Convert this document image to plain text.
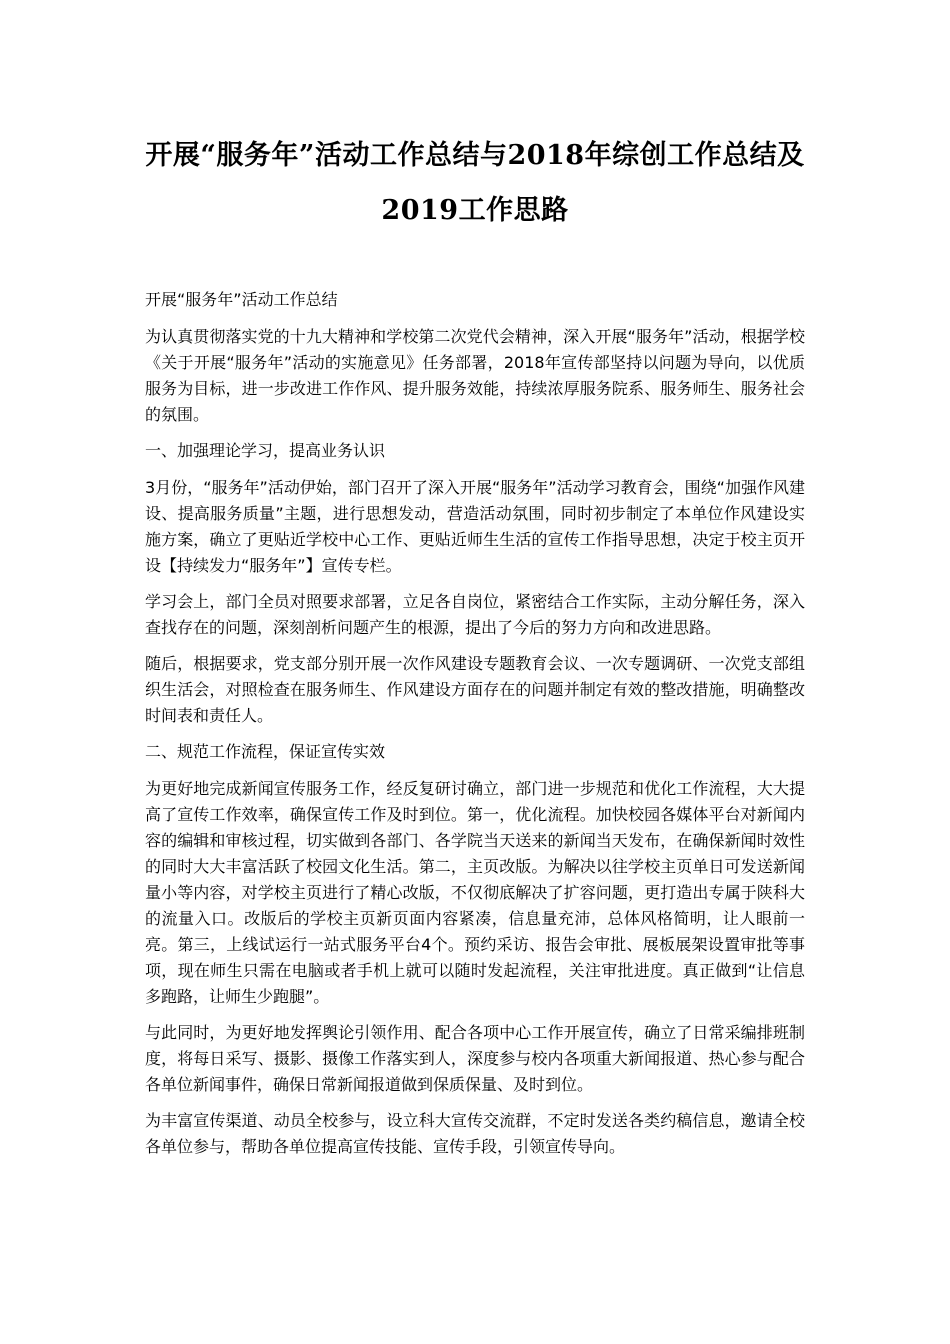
开展“服务年”活动工作总结与2018年综创工作总结及2019工作思路

开展“服务年”活动工作总结

为认真贯彻落实党的十九大精神和学校第二次党代会精神，深入开展“服务年”活动，根据学校《关于开展“服务年”活动的实施意见》任务部署，2018年宣传部坚持以问题为导向，以优质服务为目标，进一步改进工作作风、提升服务效能，持续浓厚服务院系、服务师生、服务社会的氛围。

一、加强理论学习，提高业务认识

3月份，“服务年”活动伊始，部门召开了深入开展“服务年”活动学习教育会，围绕“加强作风建设、提高服务质量”主题，进行思想发动，营造活动氛围，同时初步制定了本单位作风建设实施方案，确立了更贴近学校中心工作、更贴近师生生活的宣传工作指导思想，决定于校主页开设【持续发力“服务年”】宣传专栏。

学习会上，部门全员对照要求部署，立足各自岗位，紧密结合工作实际，主动分解任务，深入查找存在的问题，深刻剖析问题产生的根源，提出了今后的努力方向和改进思路。

随后，根据要求，党支部分别开展一次作风建设专题教育会议、一次专题调研、一次党支部组织生活会，对照检查在服务师生、作风建设方面存在的问题并制定有效的整改措施，明确整改时间表和责任人。

二、规范工作流程，保证宣传实效

为更好地完成新闻宣传服务工作，经反复研讨确立，部门进一步规范和优化工作流程，大大提高了宣传工作效率，确保宣传工作及时到位。第一，优化流程。加快校园各媒体平台对新闻内容的编辑和审核过程，切实做到各部门、各学院当天送来的新闻当天发布，在确保新闻时效性的同时大大丰富活跃了校园文化生活。第二，主页改版。为解决以往学校主页单日可发送新闻量小等内容，对学校主页进行了精心改版，不仅彻底解决了扩容问题，更打造出专属于陕科大的流量入口。改版后的学校主页新页面内容紧凑，信息量充沛，总体风格简明，让人眼前一亮。第三，上线试运行一站式服务平台4个。预约采访、报告会审批、展板展架设置审批等事项，现在师生只需在电脑或者手机上就可以随时发起流程，关注审批进度。真正做到“让信息多跑路，让师生少跑腿”。

与此同时，为更好地发挥舆论引领作用、配合各项中心工作开展宣传，确立了日常采编排班制度，将每日采写、摄影、摄像工作落实到人，深度参与校内各项重大新闻报道、热心参与配合各单位新闻事件，确保日常新闻报道做到保质保量、及时到位。

为丰富宣传渠道、动员全校参与，设立科大宣传交流群，不定时发送各类约稿信息，邀请全校各单位参与，帮助各单位提高宣传技能、宣传手段，引领宣传导向。
